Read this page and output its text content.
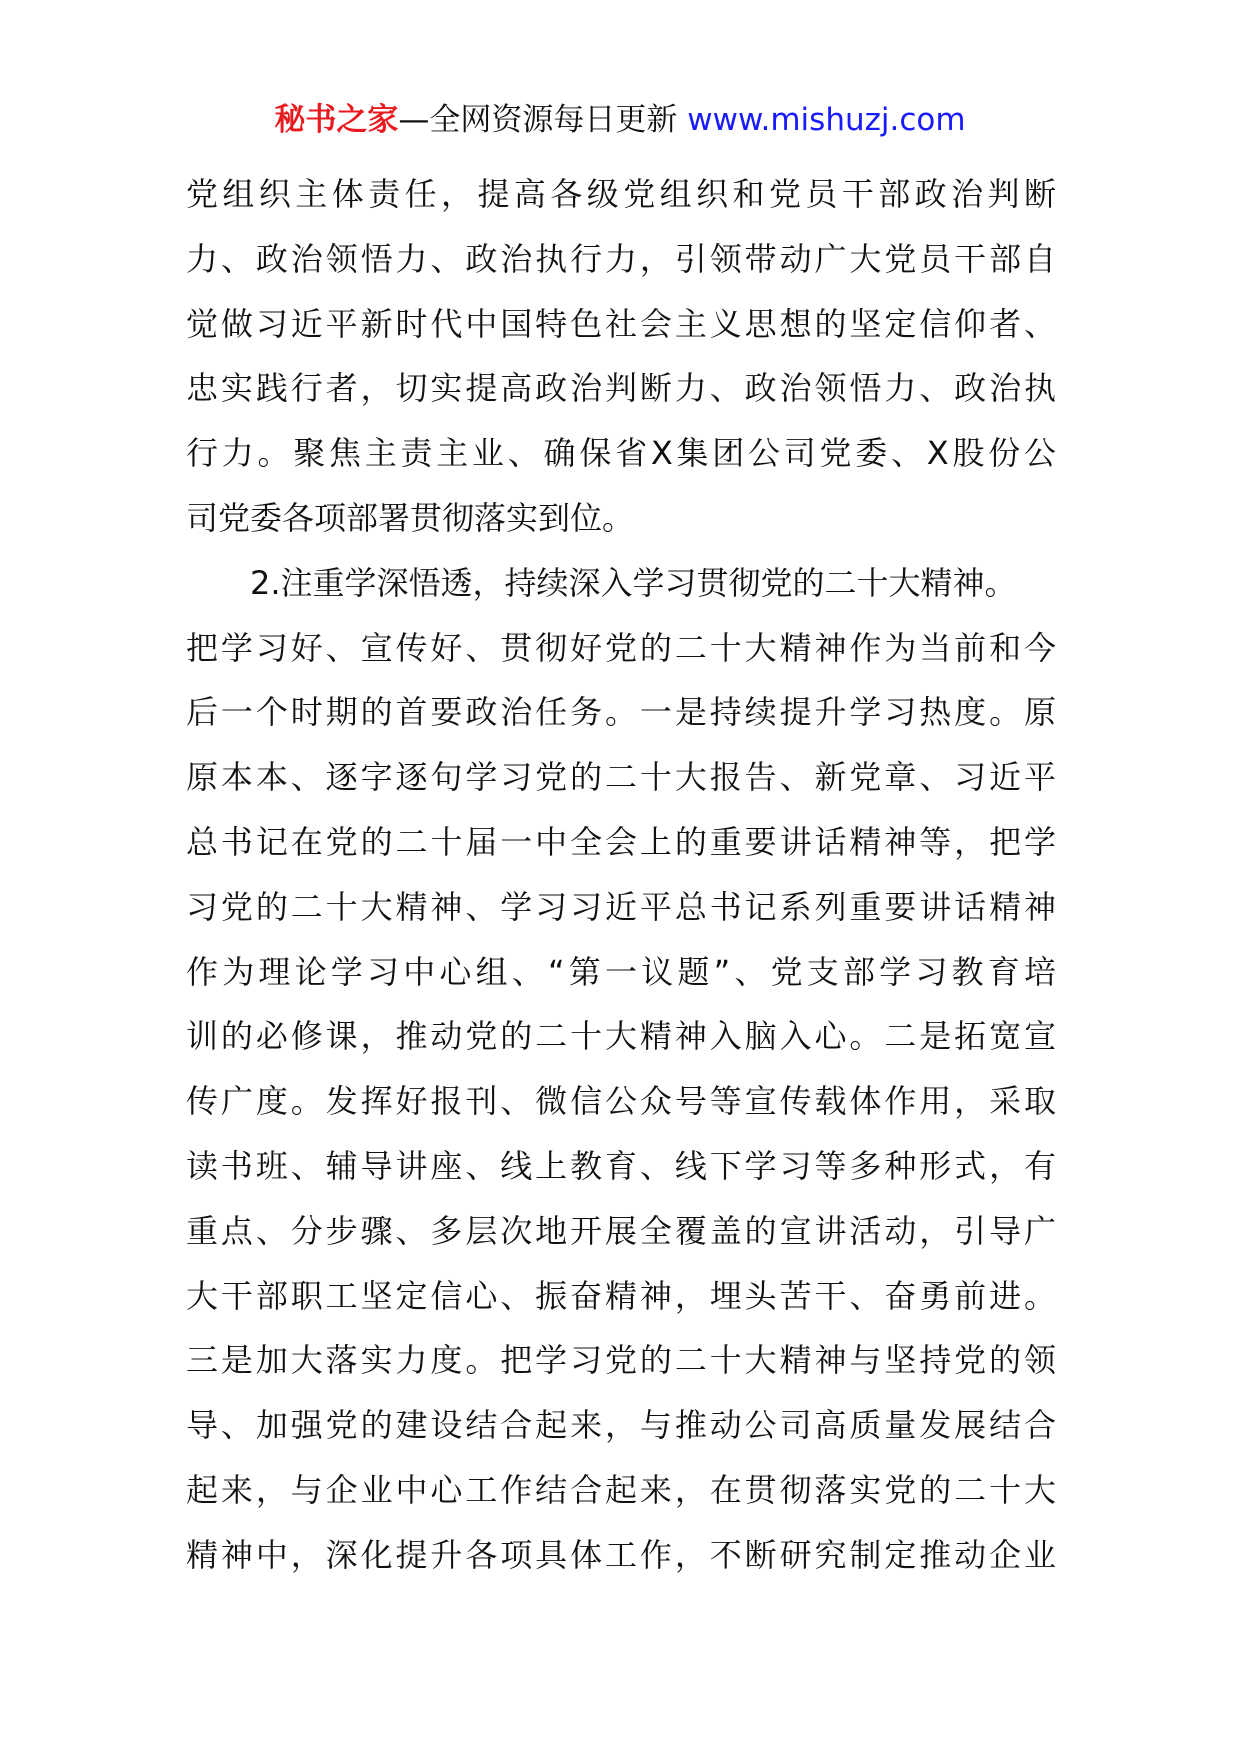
秘书之家—全网资源每日更新 www.mishuzj.com
党组织主体责任，提高各级党组织和党员干部政治判断
力、政治领悟力、政治执行力，引领带动广大党员干部自
觉做习近平新时代中国特色社会主义思想的坚定信仰者、
忠实践行者，切实提高政治判断力、政治领悟力、政治执
行力。聚焦主责主业、确保省X集团公司党委、X股份公
司党委各项部署贯彻落实到位。
2.注重学深悟透，持续深入学习贯彻党的二十大精神。
把学习好、宣传好、贯彻好党的二十大精神作为当前和今
后一个时期的首要政治任务。一是持续提升学习热度。原
原本本、逐字逐句学习党的二十大报告、新党章、习近平
总书记在党的二十届一中全会上的重要讲话精神等，把学
习党的二十大精神、学习习近平总书记系列重要讲话精神
作为理论学习中心组、“第一议题”、党支部学习教育培
训的必修课，推动党的二十大精神入脑入心。二是拓宽宣
传广度。发挥好报刊、微信公众号等宣传载体作用，采取
读书班、辅导讲座、线上教育、线下学习等多种形式，有
重点、分步骤、多层次地开展全覆盖的宣讲活动，引导广
大干部职工坚定信心、振奋精神，埋头苦干、奋勇前进。
三是加大落实力度。把学习党的二十大精神与坚持党的领
导、加强党的建设结合起来，与推动公司高质量发展结合
起来，与企业中心工作结合起来，在贯彻落实党的二十大
精神中，深化提升各项具体工作，不断研究制定推动企业
